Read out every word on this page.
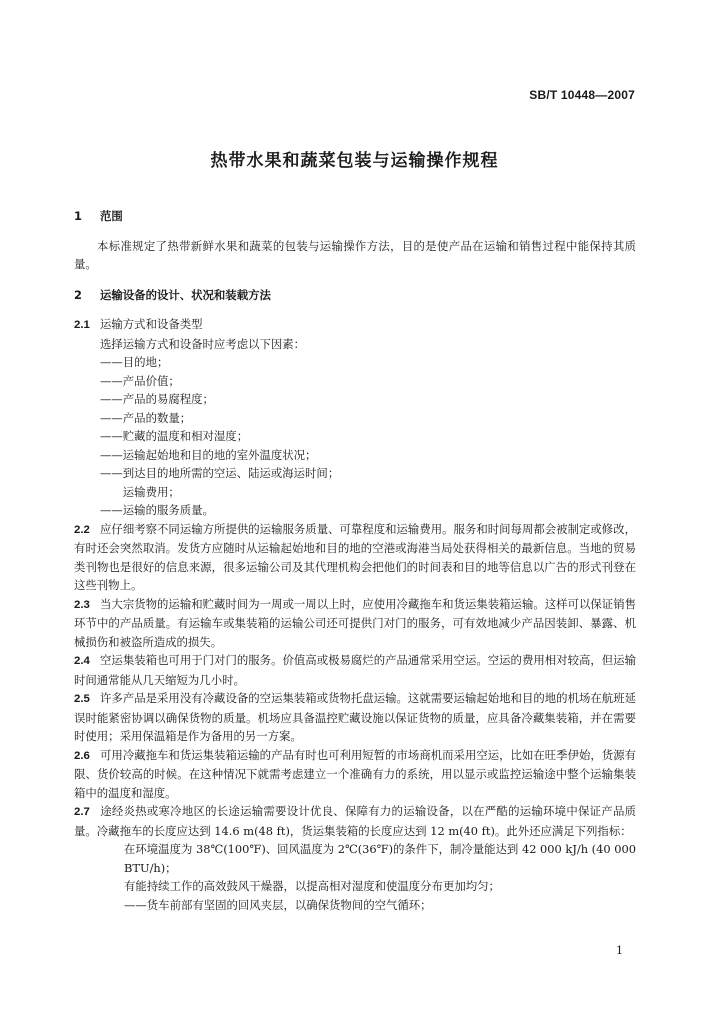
SB/T 10448—2007
热带水果和蔬菜包装与运输操作规程

1 范围

本标准规定了热带新鲜水果和蔬菜的包装与运输操作方法，目的是使产品在运输和销售过程中能保持其质量。

2 运输设备的设计、状况和装载方法

2.1 运输方式和设备类型

选择运输方式和设备时应考虑以下因素：
——目的地；
——产品价值；
——产品的易腐程度；
——产品的数量；
——贮藏的温度和相对湿度；
——运输起始地和目的地的室外温度状况；
——到达目的地所需的空运、陆运或海运时间；
　　运输费用；
——运输的服务质量。

2.2 应仔细考察不同运输方所提供的运输服务质量、可靠程度和运输费用。服务和时间每周都会被制定或修改，有时还会突然取消。发货方应随时从运输起始地和目的地的空港或海港当局处获得相关的最新信息。当地的贸易类刊物也是很好的信息来源，很多运输公司及其代理机构会把他们的时间表和目的地等信息以广告的形式刊登在这些刊物上。

2.3 当大宗货物的运输和贮藏时间为一周或一周以上时，应使用冷藏拖车和货运集装箱运输。这样可以保证销售环节中的产品质量。有运输车或集装箱的运输公司还可提供门对门的服务，可有效地减少产品因装卸、暴露、机械损伤和被盗所造成的损失。

2.4 空运集装箱也可用于门对门的服务。价值高或极易腐烂的产品通常采用空运。空运的费用相对较高，但运输时间通常能从几天缩短为几小时。

2.5 许多产品是采用没有冷藏设备的空运集装箱或货物托盘运输。这就需要运输起始地和目的地的机场在航班延误时能紧密协调以确保货物的质量。机场应具备温控贮藏设施以保证货物的质量，应具备冷藏集装箱，并在需要时使用；采用保温箱是作为备用的另一方案。

2.6 可用冷藏拖车和货运集装箱运输的产品有时也可利用短暂的市场商机而采用空运，比如在旺季伊始，货源有限、货价较高的时候。在这种情况下就需考虑建立一个准确有力的系统，用以显示或监控运输途中整个运输集装箱中的温度和湿度。

2.7 途经炎热或寒冷地区的长途运输需要设计优良、保障有力的运输设备，以在严酷的运输环境中保证产品质量。冷藏拖车的长度应达到 14.6 m(48 ft)，货运集装箱的长度应达到 12 m(40 ft)。此外还应满足下列指标：

在环境温度为 38℃(100℉)、回风温度为 2℃(36℉)的条件下，制冷量能达到 42 000 kJ/h (40 000 BTU/h)；
有能持续工作的高效鼓风干燥器，以提高相对湿度和使温度分布更加均匀；
——货车前部有坚固的回风夹层，以确保货物间的空气循环；
1
